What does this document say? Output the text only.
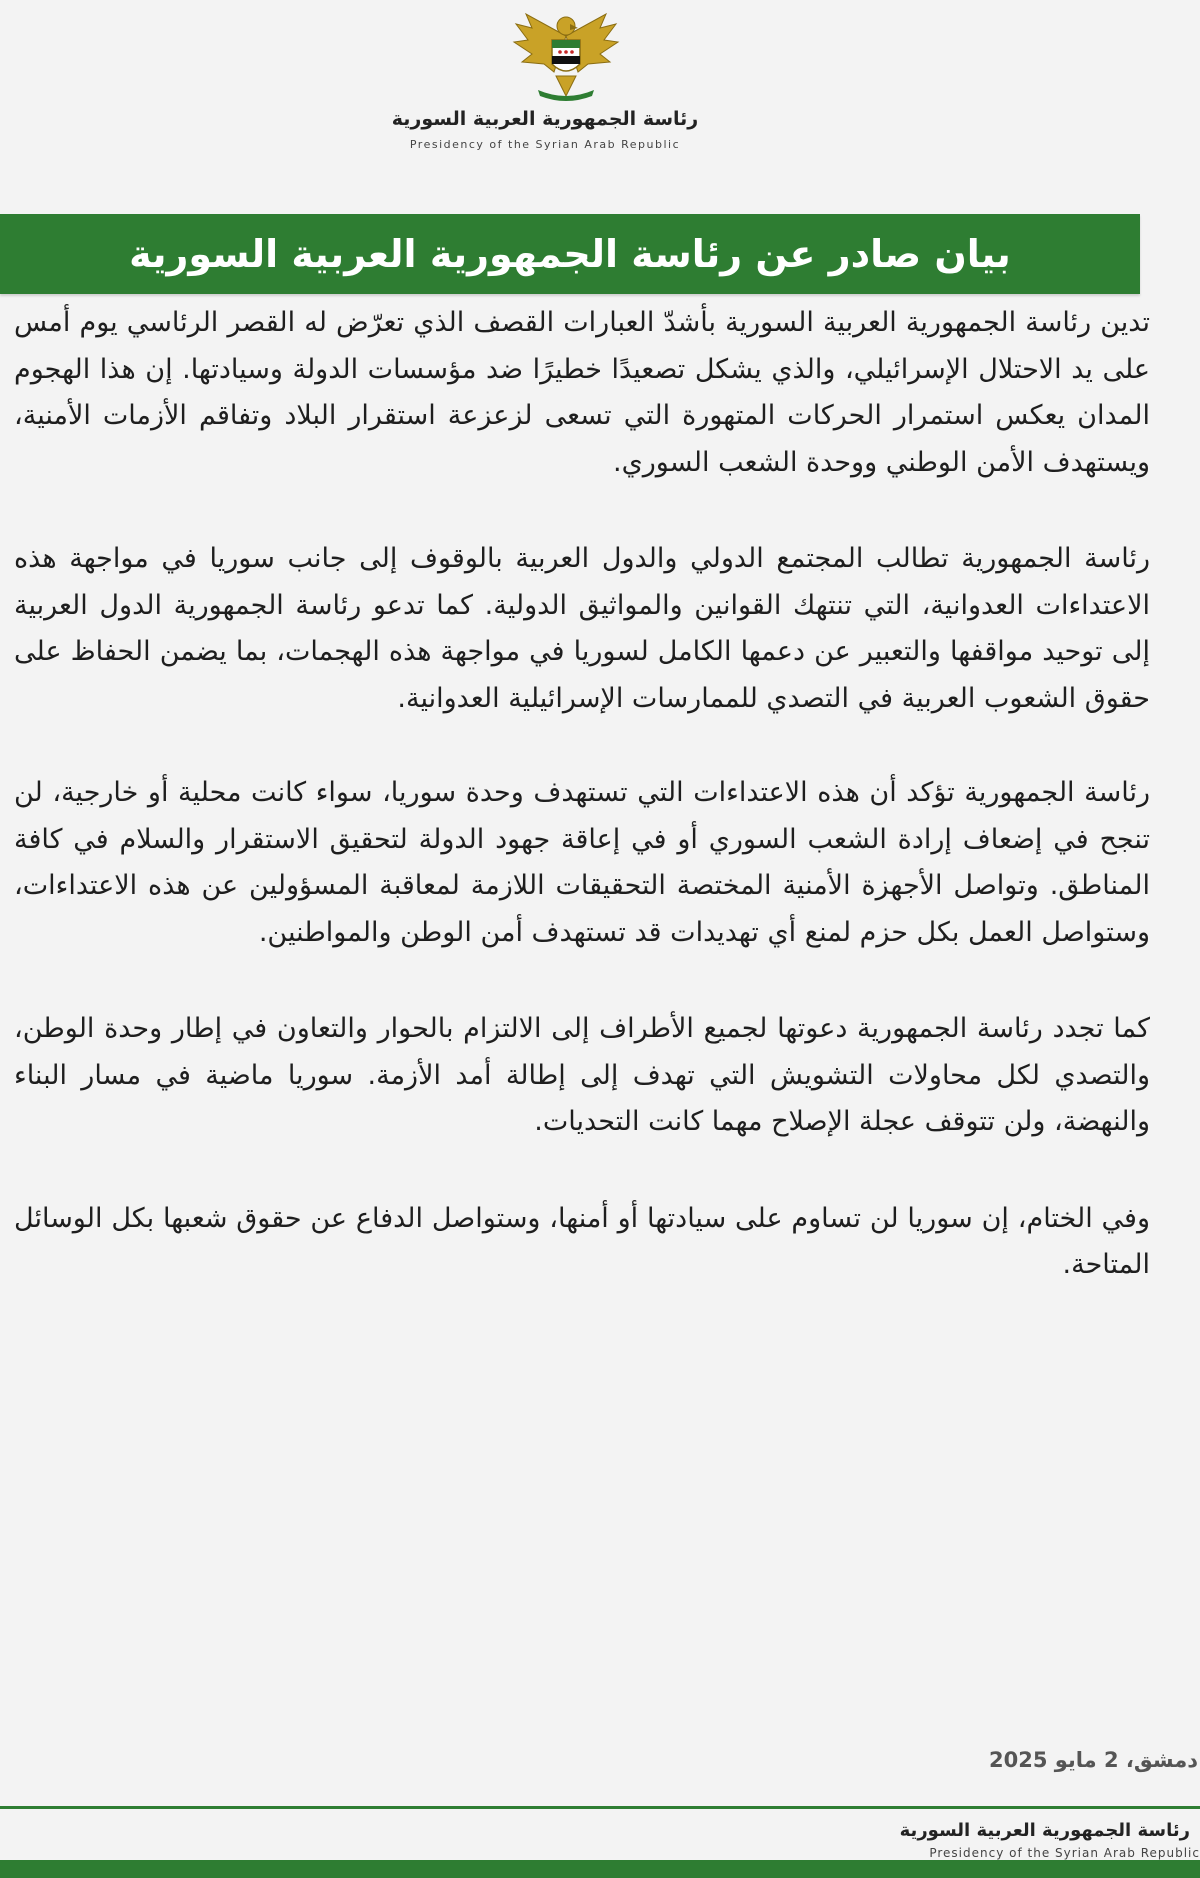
رئاسة الجمهورية العربية السورية
Presidency of the Syrian Arab Republic
بيان صادر عن رئاسة الجمهورية العربية السورية

تدين رئاسة الجمهورية العربية السورية بأشدّ العبارات القصف الذي تعرّض له القصر الرئاسي يوم أمس على يد الاحتلال الإسرائيلي، والذي يشكل تصعيدًا خطيرًا ضد مؤسسات الدولة وسيادتها. إن هذا الهجوم المدان يعكس استمرار الحركات المتهورة التي تسعى لزعزعة استقرار البلاد وتفاقم الأزمات الأمنية، ويستهدف الأمن الوطني ووحدة الشعب السوري.

رئاسة الجمهورية تطالب المجتمع الدولي والدول العربية بالوقوف إلى جانب سوريا في مواجهة هذه الاعتداءات العدوانية، التي تنتهك القوانين والمواثيق الدولية. كما تدعو رئاسة الجمهورية الدول العربية إلى توحيد مواقفها والتعبير عن دعمها الكامل لسوريا في مواجهة هذه الهجمات، بما يضمن الحفاظ على حقوق الشعوب العربية في التصدي للممارسات الإسرائيلية العدوانية.

رئاسة الجمهورية تؤكد أن هذه الاعتداءات التي تستهدف وحدة سوريا، سواء كانت محلية أو خارجية، لن تنجح في إضعاف إرادة الشعب السوري أو في إعاقة جهود الدولة لتحقيق الاستقرار والسلام في كافة المناطق. وتواصل الأجهزة الأمنية المختصة التحقيقات اللازمة لمعاقبة المسؤولين عن هذه الاعتداءات، وستواصل العمل بكل حزم لمنع أي تهديدات قد تستهدف أمن الوطن والمواطنين.

كما تجدد رئاسة الجمهورية دعوتها لجميع الأطراف إلى الالتزام بالحوار والتعاون في إطار وحدة الوطن، والتصدي لكل محاولات التشويش التي تهدف إلى إطالة أمد الأزمة. سوريا ماضية في مسار البناء والنهضة، ولن تتوقف عجلة الإصلاح مهما كانت التحديات.

وفي الختام، إن سوريا لن تساوم على سيادتها أو أمنها، وستواصل الدفاع عن حقوق شعبها بكل الوسائل المتاحة.

دمشق، 2 مايو 2025
رئاسة الجمهورية العربية السورية
Presidency of the Syrian Arab Republic
